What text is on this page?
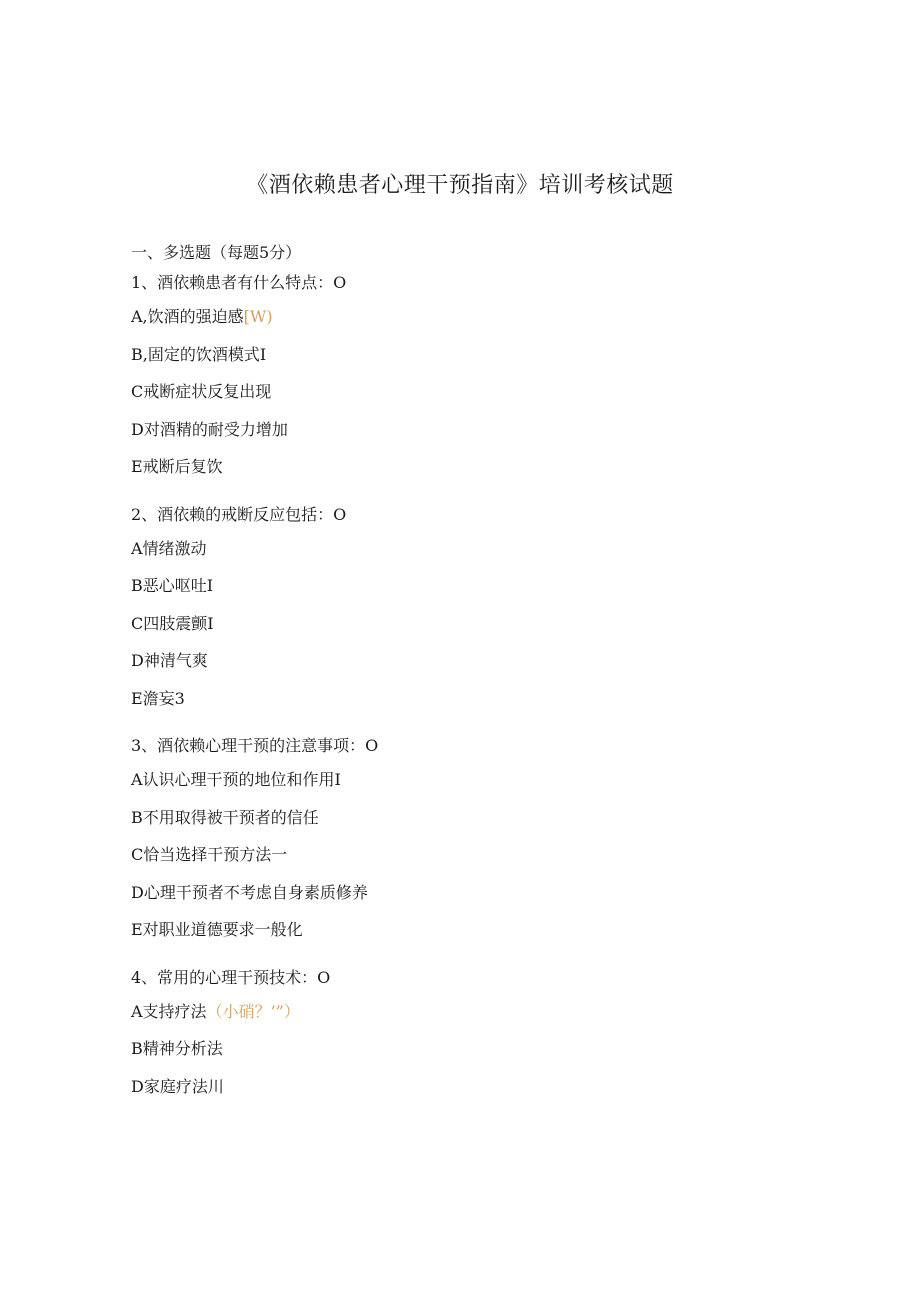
《酒依赖患者心理干预指南》培训考核试题
一、多选题（每题5分）
1、酒依赖患者有什么特点：O
A,饮酒的强迫感[W)
B,固定的饮酒模式I
C戒断症状反复出现
D对酒精的耐受力增加
E戒断后复饮
2、酒依赖的戒断反应包括：O
A情绪激动
B恶心呕吐I
C四肢震颤I
D神清气爽
E澹妄3
3、酒依赖心理干预的注意事项：O
A认识心理干预的地位和作用I
B不用取得被干预者的信任
C恰当选择干预方法一
D心理干预者不考虑自身素质修养
E对职业道德要求一般化
4、常用的心理干预技术：O
A支持疗法（小硝？’”）
B精神分析法
D家庭疗法川
